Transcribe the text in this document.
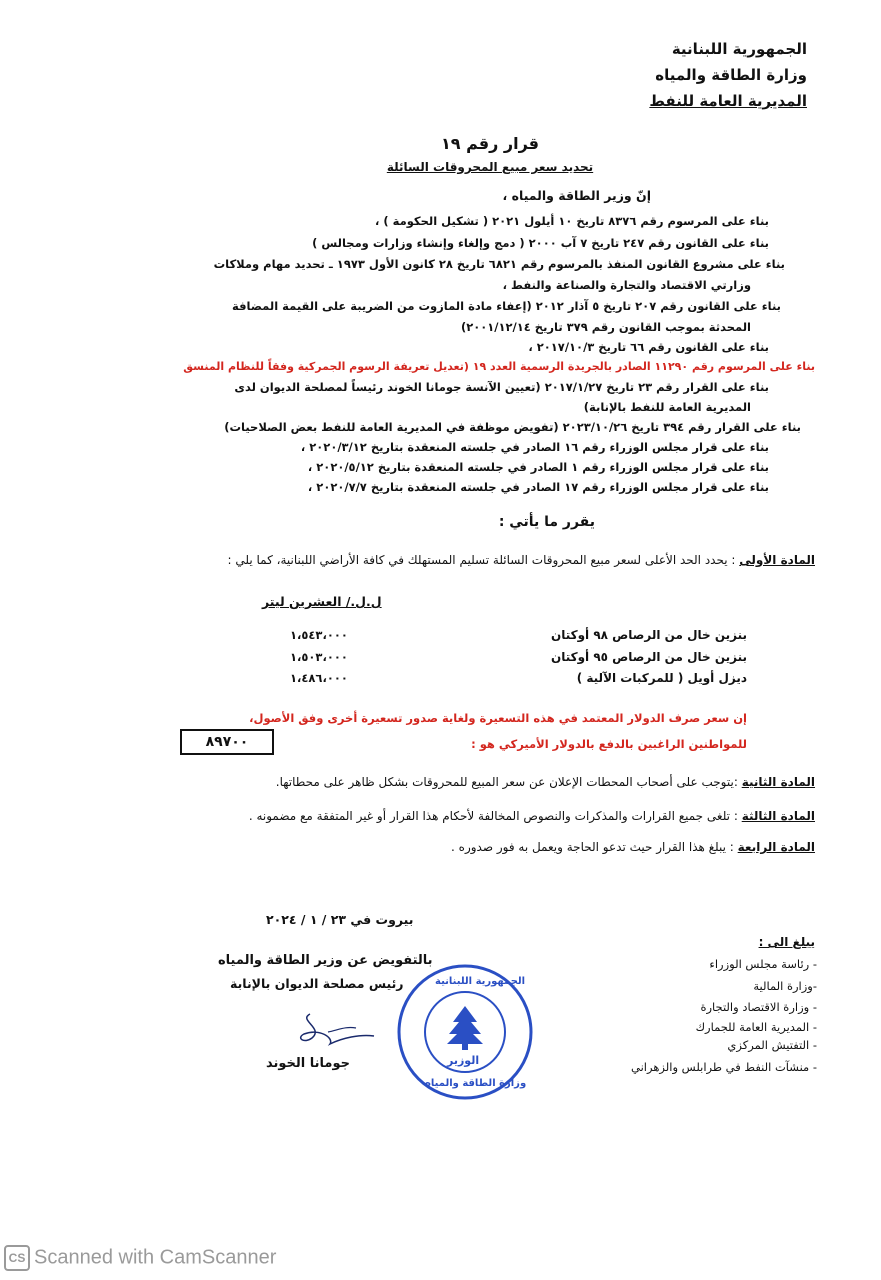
الجمهورية اللبنانية
وزارة الطاقة والمياه
المديرية العامة للنفط
قرار رقم ١٩
تحديد سعر مبيع المحروقات السائلة
إنّ وزير الطاقة والمياه ،
بناء على المرسوم رقم ٨٣٧٦ تاريخ ١٠ أيلول ٢٠٢١ ( تشكيل الحكومة ) ،
بناء على القانون رقم ٢٤٧ تاريخ ٧ آب ٢٠٠٠ ( دمج وإلغاء وإنشاء وزارات ومجالس )
بناء على مشروع القانون المنفذ بالمرسوم رقم ٦٨٢١ تاريخ ٢٨ كانون الأول ١٩٧٣ ـ تحديد مهام وملاكات
وزارتي الاقتصاد والتجارة والصناعة والنفط ،
بناء على القانون رقم ٢٠٧ تاريخ ٥ آذار ٢٠١٢ (إعفاء مادة المازوت من الضريبة على القيمة المضافة
المحدثة بموجب القانون رقم ٣٧٩ تاريخ ٢٠٠١/١٢/١٤)
بناء على القانون رقم ٦٦ تاريخ ٢٠١٧/١٠/٣ ،
بناء على المرسوم رقم ١١٢٩٠ الصادر بالجريدة الرسمية العدد ١٩ (تعديل تعريفة الرسوم الجمركية وفقاً للنظام المنسق
بناء على القرار رقم ٢٣ تاريخ ٢٠١٧/١/٢٧ (تعيين الآنسة جومانا الخوند رئيساً لمصلحة الديوان لدى
المديرية العامة للنفط بالإنابة)
بناء على القرار رقم ٣٩٤ تاريخ ٢٠٢٣/١٠/٢٦ (تفويض موظفة في المديرية العامة للنفط بعض الصلاحيات)
بناء على قرار مجلس الوزراء رقم ١٦ الصادر في جلسته المنعقدة بتاريخ ٢٠٢٠/٣/١٢ ،
بناء على قرار مجلس الوزراء رقم ١ الصادر في جلسته المنعقدة بتاريخ ٢٠٢٠/٥/١٢ ،
بناء على قرار مجلس الوزراء رقم ١٧ الصادر في جلسته المنعقدة بتاريخ ٢٠٢٠/٧/٧ ،
يقرر ما يأتي :
المادة الأولى : يحدد الحد الأعلى لسعر مبيع المحروقات السائلة تسليم المستهلك في كافة الأراضي اللبنانية، كما يلي :
ل.ل./ العشرين ليتر
بنزين خال من الرصاص ٩٨ أوكتان
١،٥٤٣،٠٠٠
بنزين خال من الرصاص ٩٥ أوكتان
١،٥٠٣،٠٠٠
ديزل أويل ( للمركبات الآلية )
١،٤٨٦،٠٠٠
إن سعر صرف الدولار المعتمد في هذه التسعيرة ولغاية صدور تسعيرة أخرى وفق الأصول،
للمواطنين الراغبين بالدفع بالدولار الأميركي هو :
٨٩٧٠٠
المادة الثانية :يتوجب على أصحاب المحطات الإعلان عن سعر المبيع للمحروقات بشكل ظاهر على محطاتها.
المادة الثالثة : تلغى جميع القرارات والمذكرات والنصوص المخالفة لأحكام هذا القرار أو غير المتفقة مع مضمونه .
المادة الرابعة : يبلغ هذا القرار حيث تدعو الحاجة ويعمل به فور صدوره .
بيروت في ٢٣ / ١ / ٢٠٢٤
بالتفويض عن وزير الطاقة والمياه
رئيس مصلحة الديوان بالإنابة
جومانا الخوند
الجمهورية اللبنانية
الوزير
وزارة الطاقة والمياه
يبلغ الى :
- رئاسة مجلس الوزراء
-وزارة المالية
- وزارة الاقتصاد والتجارة
- المديرية العامة للجمارك
- التفتيش المركزي
- منشآت النفط في طرابلس والزهراني
CS Scanned with CamScanner
